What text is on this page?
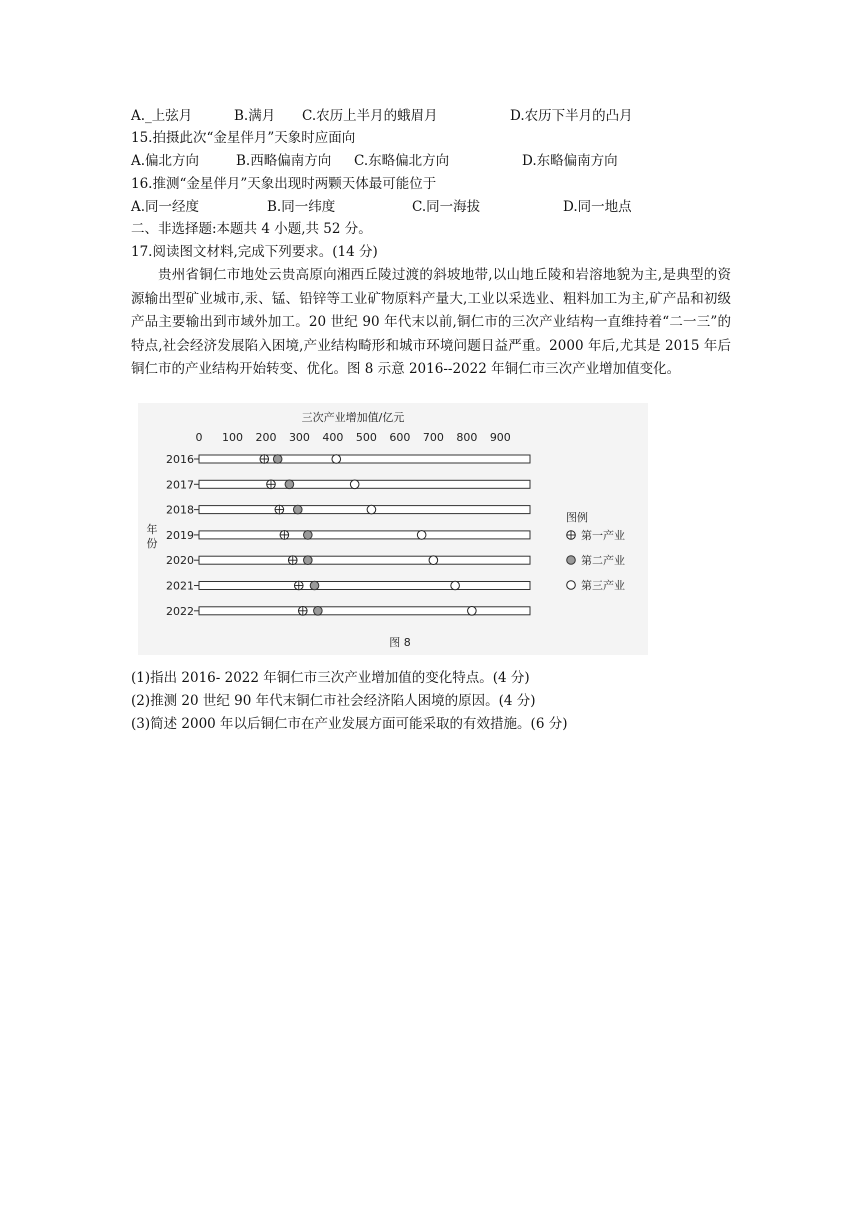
A._上弦月	B.满月 C.农历上半月的蛾眉月	D.农历下半月的凸月
15.拍摄此次“金星伴月”天象时应面向
A.偏北方向	B.西略偏南方向 C.东略偏北方向	D.东略偏南方向
16.推测“金星伴月”天象出现时两颗天体最可能位于
A.同一经度	B.同一纬度	C.同一海拔	D.同一地点
二、非选择题:本题共 4 小题,共 52 分。
17.阅读图文材料,完成下列要求。(14 分)
贵州省铜仁市地处云贵高原向湘西丘陵过渡的斜坡地带,以山地丘陵和岩溶地貌为主,是典型的资源输出型矿业城市,汞、锰、铅锌等工业矿物原料产量大,工业以采选业、粗料加工为主,矿产品和初级产品主要输出到市域外加工。20 世纪 90 年代末以前,铜仁市的三次产业结构一直维持着“二一三”的特点,社会经济发展陷入困境,产业结构畸形和城市环境问题日益严重。2000 年后,尤其是 2015 年后铜仁市的产业结构开始转变、优化。图 8 示意 2016--2022 年铜仁市三次产业增加值变化。
三次产业增加值/亿元
0 100 200 300 400 500 600 700 800 900
年
份
2016
2017
2018
2019
2020
2021
2022
图例
第一产业
第二产业
第三产业
图 8
(1)指出 2016- 2022 年铜仁市三次产业增加值的变化特点。(4 分)
(2)推测 20 世纪 90 年代末铜仁市社会经济陷人困境的原因。(4 分)
(3)简述 2000 年以后铜仁市在产业发展方面可能采取的有效措施。(6 分)
